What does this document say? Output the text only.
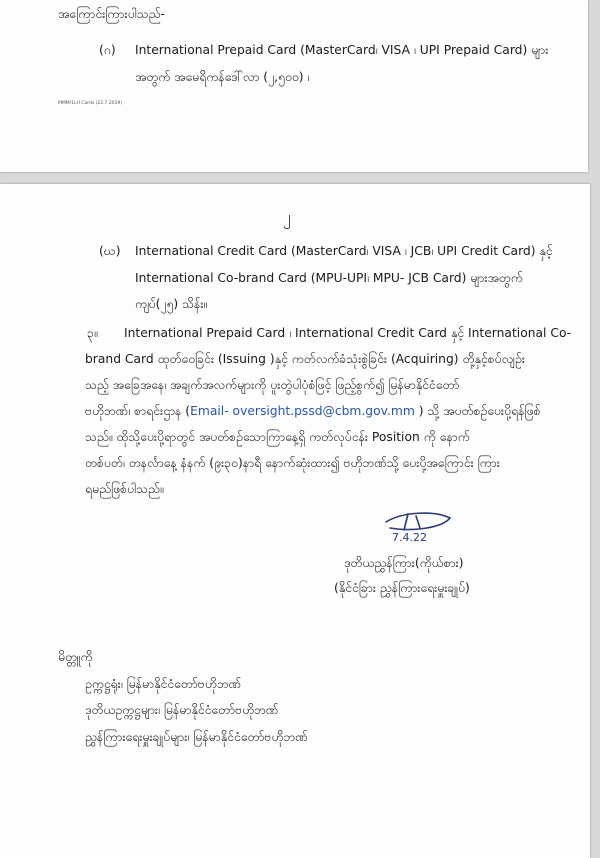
အကြောင်းကြားပါသည်-
(ဂ) International Prepaid Card (MasterCard၊ VISA ၊ UPI Prepaid Card) များ
အတွက် အမေရိကန်ဒေါ်လာ (၂,၅၀၀) ၊
MMM/1LH Cards (22.7.2019)
၂
(ဃ) International Credit Card (MasterCard၊ VISA ၊ JCB၊ UPI Credit Card) နှင့်
International Co-brand Card (MPU-UPI၊ MPU- JCB Card) များအတွက်
ကျပ်(၂၅) သိန်း။
၃။ International Prepaid Card ၊ International Credit Card နှင့် International Co-
brand Card ထုတ်ဝေခြင်း (Issuing )နှင့် ကတ်လက်ခံသုံးစွဲခြင်း (Acquiring) တို့နှင့်စပ်လျဉ်း
သည့် အခြေအနေ၊ အချက်အလက်များကို ပူးတွဲပါပုံစံဖြင့် ဖြည့်စွက်၍ မြန်မာနိုင်ငံတော်
ဗဟိုဘဏ်၊ စာရင်းဌာန (Email- oversight.pssd@cbm.gov.mm ) သို့ အပတ်စဉ်ပေးပို့ရန်ဖြစ်
သည်။ ထိုသို့ပေးပို့ရာတွင် အပတ်စဉ်သောကြာနေ့ရှိ ကတ်လုပ်ငန်း Position ကို နောက်
တစ်ပတ်၊ တနင်္လာနေ့ နံနက် (၉း၃၀)နာရီ နောက်ဆုံးထား၍ ဗဟိုဘဏ်သို့ ပေးပို့အကြောင်း ကြား
ရမည်ဖြစ်ပါသည်။
7.4.22
ဒုတိယညွှန်ကြား(ကိုယ်စား)
(နိုင်ငံခြား ညွှန်ကြားရေးမှူးချုပ်)
မိတ္တူကို
ဥက္ကဋ္ဌရုံး၊ မြန်မာနိုင်ငံတော်ဗဟိုဘဏ်
ဒုတိယဥက္ကဋ္ဌများ၊ မြန်မာနိုင်ငံတော်ဗဟိုဘဏ်
ညွှန်ကြားရေးမှူးချုပ်များ၊ မြန်မာနိုင်ငံတော်ဗဟိုဘဏ်
